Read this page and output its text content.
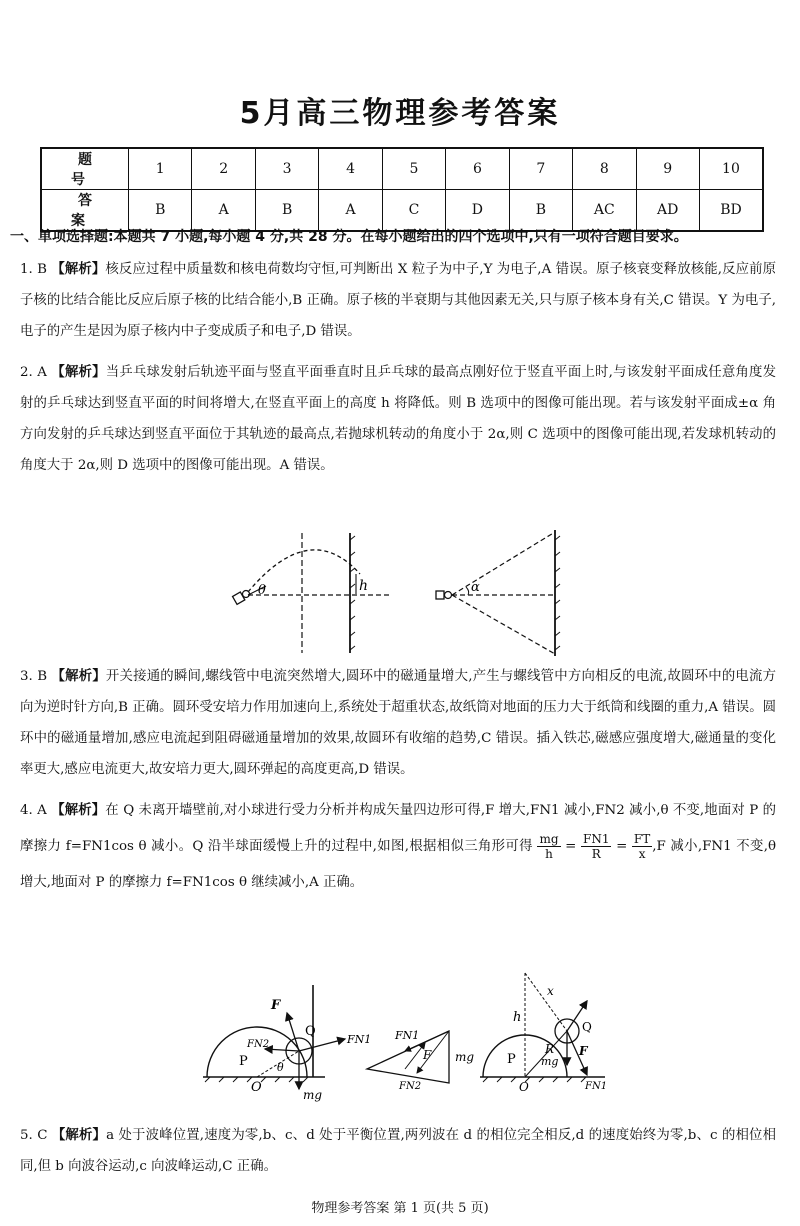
5月高三物理参考答案
题 号	1	2	3	4	5	6	7	8	9	10
答 案	B	A	B	A	C	D	B	AC	AD	BD
一、单项选择题:本题共 7 小题,每小题 4 分,共 28 分。在每小题给出的四个选项中,只有一项符合题目要求。
1. B 【解析】核反应过程中质量数和核电荷数均守恒,可判断出 X 粒子为中子,Y 为电子,A 错误。原子核衰变释放核能,反应前原子核的比结合能比反应后原子核的比结合能小,B 正确。原子核的半衰期与其他因素无关,只与原子核本身有关,C 错误。Y 为电子,电子的产生是因为原子核内中子变成质子和电子,D 错误。
2. A 【解析】当乒乓球发射后轨迹平面与竖直平面垂直时且乒乓球的最高点刚好位于竖直平面上时,与该发射平面成任意角度发射的乒乓球达到竖直平面的时间将增大,在竖直平面上的高度 h 将降低。则 B 选项中的图像可能出现。若与该发射平面成±α 角方向发射的乒乓球达到竖直平面位于其轨迹的最高点,若抛球机转动的角度小于 2α,则 C 选项中的图像可能出现,若发球机转动的角度大于 2α,则 D 选项中的图像可能出现。A 错误。
θ	h	α
3. B 【解析】开关接通的瞬间,螺线管中电流突然增大,圆环中的磁通量增大,产生与螺线管中方向相反的电流,故圆环中的电流方向为逆时针方向,B 正确。圆环受安培力作用加速向上,系统处于超重状态,故纸筒对地面的压力大于纸筒和线圈的重力,A 错误。圆环中的磁通量增加,感应电流起到阻碍磁通量增加的效果,故圆环有收缩的趋势,C 错误。插入铁芯,磁感应强度增大,磁通量的变化率更大,感应电流更大,故安培力更大,圆环弹起的高度更高,D 错误。
4. A 【解析】在 Q 未离开墙壁前,对小球进行受力分析并构成矢量四边形可得,F 增大,FN1 减小,FN2 减小,θ 不变,地面对 P 的摩擦力 f=FN1cos θ 减小。Q 沿半球面缓慢上升的过程中,如图,根据相似三角形可得 $\frac{mg}{h} = \frac{FN1}{R} = \frac{FT}{x} ,F$ 减小,FN1 不变,θ 增大,地面对 P 的摩擦力 f=FN1cos θ 继续减小,A 正确。
F
FN1
FN2
Q
P
O
θ
mg
FN1
F
FN2
mg
x
h
R
Q
P
O
mg
F
FN1
5. C 【解析】a 处于波峰位置,速度为零,b、c、d 处于平衡位置,两列波在 d 的相位完全相反,d 的速度始终为零,b、c 的相位相同,但 b 向波谷运动,c 向波峰运动,C 正确。
物理参考答案 第 1 页(共 5 页)
